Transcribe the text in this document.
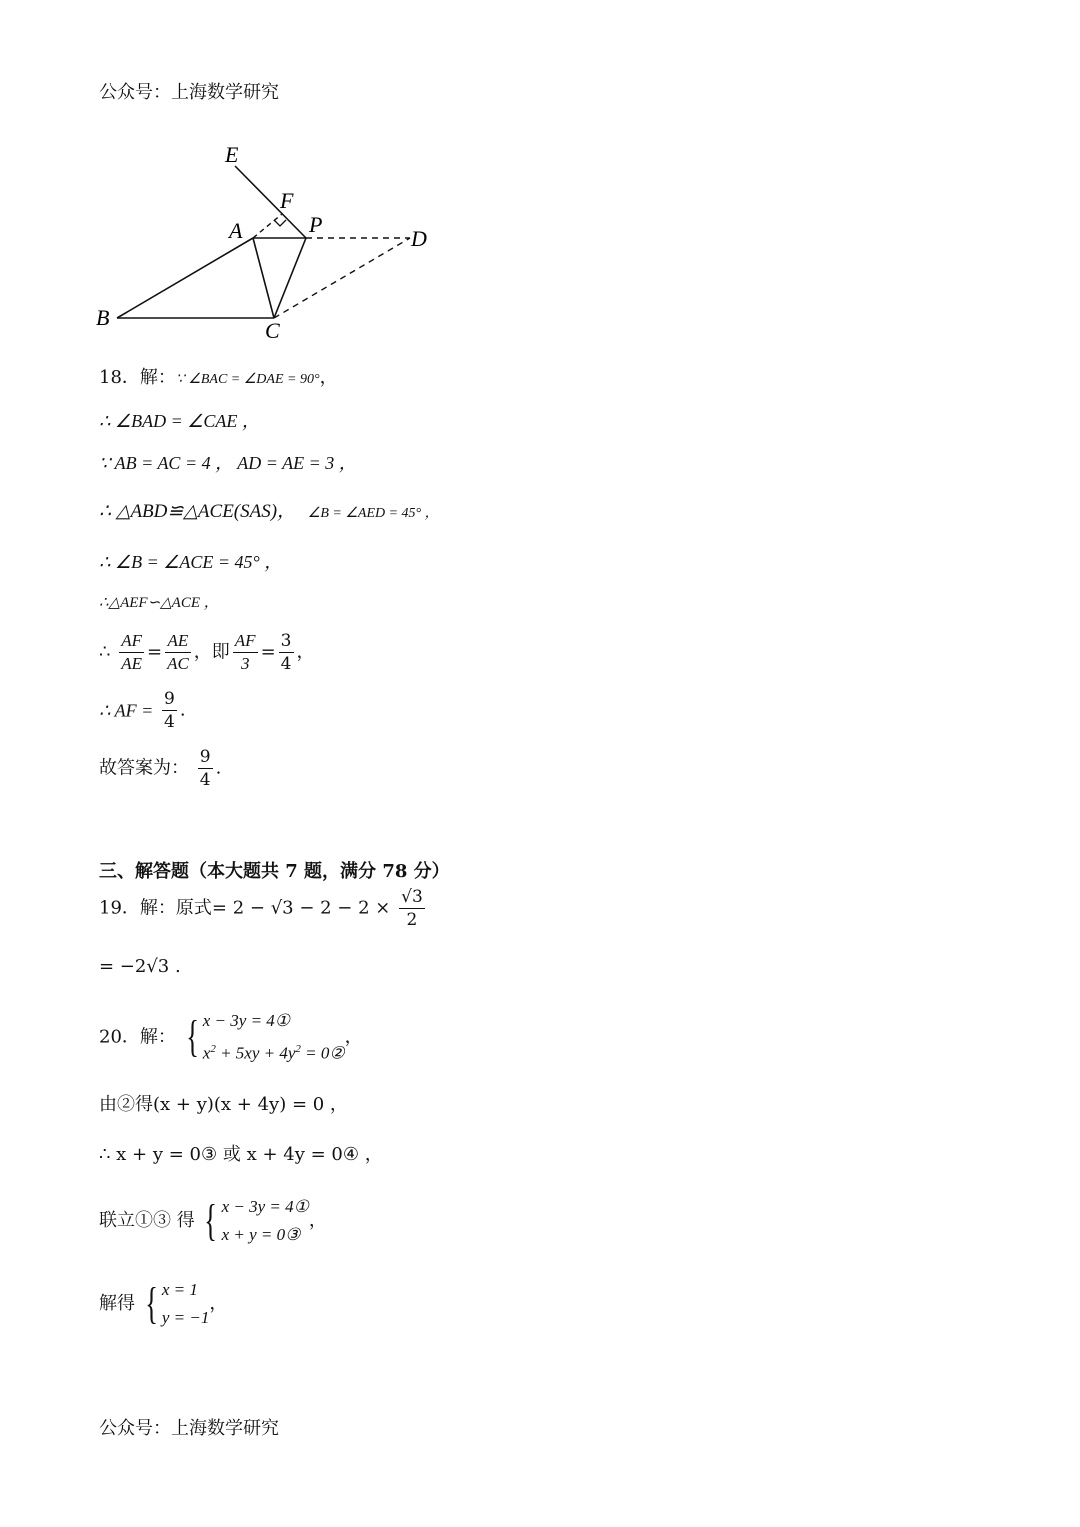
公众号：上海数学研究
E
F
A	P
D
B
C
18．解：∵ ∠BAC = ∠DAE = 90°，
∴ ∠BAD = ∠CAE ，
∵ AB = AC = 4 ， AD = AE = 3 ，
∴ △ABD≌△ACE(SAS)， ∠B = ∠AED = 45° ，
∴ ∠B = ∠ACE = 45° ，
∴△AEF∽△ACE ，
∴ $\frac{AF}{AE} = \frac{AE}{AC}$ ，即 $\frac{AF}{3} = \frac{3}{4}$ ，
∴ AF = $\frac{9}{4}$ .
故答案为： $\frac{9}{4}$ .
三、解答题（本大题共 7 题，满分 78 分）
19．解：原式= $2 - √3 - 2 - 2 \times \frac{√3}{2}$
= −2√3 .
20．解： { x − 3y = 4①
$x^2 + 5xy + 4y^2$ = 0②
，
由②得(x + y)(x + 4y) = 0 ，
∴ x + y = 0③ 或 x + 4y = 0④ ，
联立①③ 得 { x − 3y = 4①
x + y = 0③
，
解得 { x = 1
y = −1
，
公众号：上海数学研究
